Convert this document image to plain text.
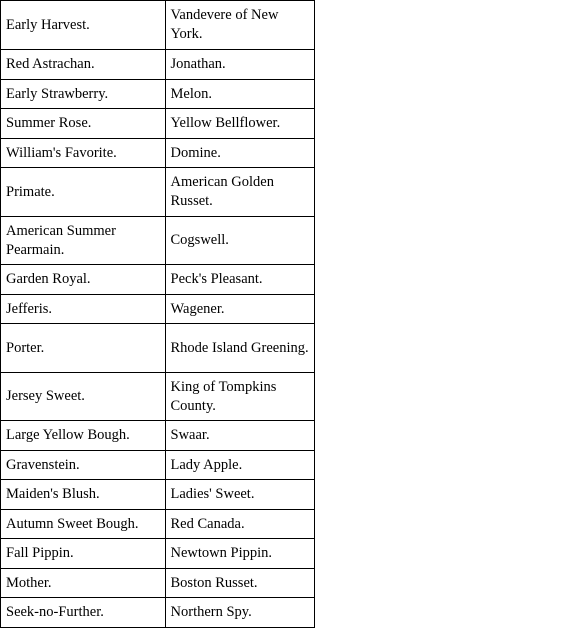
Early Harvest.	Vandevere of New York.
Red Astrachan.	Jonathan.
Early Strawberry.	Melon.
Summer Rose.	Yellow Bellflower.
William's Favorite.	Domine.
Primate.	American Golden Russet.
American Summer Pearmain.	Cogswell.
Garden Royal.	Peck's Pleasant.
Jefferis.	Wagener.
Porter.	Rhode Island Greening.
Jersey Sweet.	King of Tompkins County.
Large Yellow Bough.	Swaar.
Gravenstein.	Lady Apple.
Maiden's Blush.	Ladies' Sweet.
Autumn Sweet Bough.	Red Canada.
Fall Pippin.	Newtown Pippin.
Mother.	Boston Russet.
Seek-no-Further.	Northern Spy.
